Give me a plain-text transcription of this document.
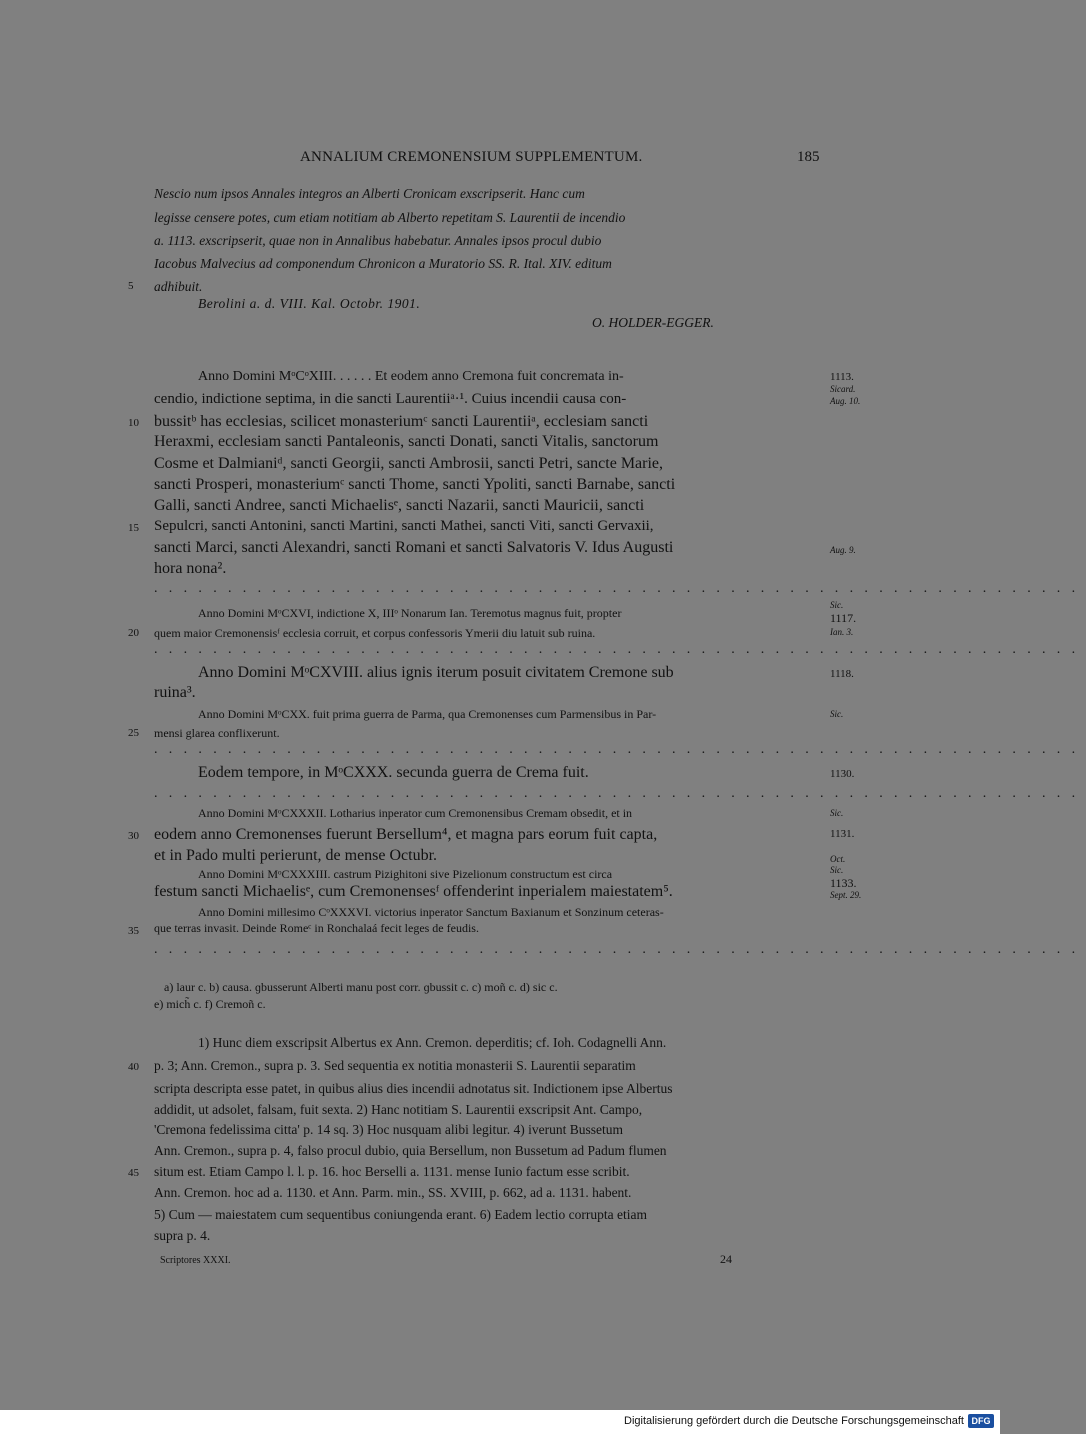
ANNALIUM CREMONENSIUM SUPPLEMENTUM.	185
Nescio num ipsos Annales integros an Alberti Cronicam exscripserit. Hanc cum
legisse censere potes, cum etiam notitiam ab Alberto repetitam S. Laurentii de incendio
a. 1113. exscripserit, quae non in Annalibus habebatur. Annales ipsos procul dubio
Iacobus Malvecius ad componendum Chronicon a Muratorio SS. R. Ital. XIV. editum
5 adhibuit.
Berolini a. d. VIII. Kal. Octobr. 1901.
O. HOLDER-EGGER.
Anno Domini MᵒCᵒXIII. . . . . . Et eodem anno Cremona fuit concremata in-	1113.
Sicard.
cendio, indictione septima, in die sancti Laurentiiᵃ·¹. Cuius incendii causa con-	Aug. 10.
10 bussitᵇ has ecclesias, scilicet monasteriumᶜ sancti Laurentiiᵃ, ecclesiam sancti
Heraxmi, ecclesiam sancti Pantaleonis, sancti Donati, sancti Vitalis, sanctorum
Cosme et Dalmianiᵈ, sancti Georgii, sancti Ambrosii, sancti Petri, sancte Marie,
sancti Prosperi, monasteriumᶜ sancti Thome, sancti Ypoliti, sancti Barnabe, sancti
Galli, sancti Andree, sancti Michaelisᵉ, sancti Nazarii, sancti Mauricii, sancti
15 Sepulcri, sancti Antonini, sancti Martini, sancti Mathei, sancti Viti, sancti Gervaxii,
sancti Marci, sancti Alexandri, sancti Romani et sancti Salvatoris V. Idus Augusti	Aug. 9.
hora nona².
...............................................................
Sic.
Anno Domini MᵒCXVI, indictione X, IIIᵒ Nonarum Ian. Teremotus magnus fuit, propter	1117.
20 quem maior Cremonensisᶠ ecclesia corruit, et corpus confessoris Ymerii diu latuit sub ruina.	Ian. 3.
...............................................................
Anno Domini MᵒCXVIII. alius ignis iterum posuit civitatem Cremone sub	1118.
ruina³.
Anno Domini MᵒCXX. fuit prima guerra de Parma, qua Cremonenses cum Parmensibus in Par-	Sic.
25 mensi glarea conflixerunt.
...............................................................
Eodem tempore, in MᵒCXXX. secunda guerra de Crema fuit.	1130.
...............................................................
Anno Domini MᵒCXXXII. Lotharius inperator cum Cremonensibus Cremam obsedit, et in	Sic.
30 eodem anno Cremonenses fuerunt Bersellum⁴, et magna pars eorum fuit capta,	1131.
et in Pado multi perierunt, de mense Octubr.	Oct.
Sic.
Anno Domini MᵒCXXXIII. castrum Pizighitoni sive Pizelionum constructum est circa
1133.
festum sancti Michaelisᵉ, cum Cremonensesᶠ offenderint inperialem maiestatem⁵.	Sept. 29.
Anno Domini millesimo CᵒXXXVI. victorius inperator Sanctum Baxianum et Sonzinum ceteras-
35 que terras invasit. Deinde Romeᶜ in Ronchalaá fecit leges de feudis.
...............................................................
a) laur c. b) causa. ɡbusserunt Alberti manu post corr. ɡbussit c. c) moñ c. d) sic c.
e) mich̃ c. f) Cremoñ c.
1) Hunc diem exscripsit Albertus ex Ann. Cremon. deperditis; cf. Ioh. Codagnelli Ann.
40 p. 3; Ann. Cremon., supra p. 3. Sed sequentia ex notitia monasterii S. Laurentii separatim
scripta descripta esse patet, in quibus alius dies incendii adnotatus sit. Indictionem ipse Albertus
addidit, ut adsolet, falsam, fuit sexta. 2) Hanc notitiam S. Laurentii exscripsit Ant. Campo,
'Cremona fedelissima citta' p. 14 sq. 3) Hoc nusquam alibi legitur. 4) iverunt Bussetum
Ann. Cremon., supra p. 4, falso procul dubio, quia Bersellum, non Bussetum ad Padum flumen
45 situm est. Etiam Campo l. l. p. 16. hoc Berselli a. 1131. mense Iunio factum esse scribit.
Ann. Cremon. hoc ad a. 1130. et Ann. Parm. min., SS. XVIII, p. 662, ad a. 1131. habent.
5) Cum — maiestatem cum sequentibus coniungenda erant. 6) Eadem lectio corrupta etiam
supra p. 4.
Scriptores XXXI.	24
Digitalisierung gefördert durch die Deutsche Forschungsgemeinschaft DFG
